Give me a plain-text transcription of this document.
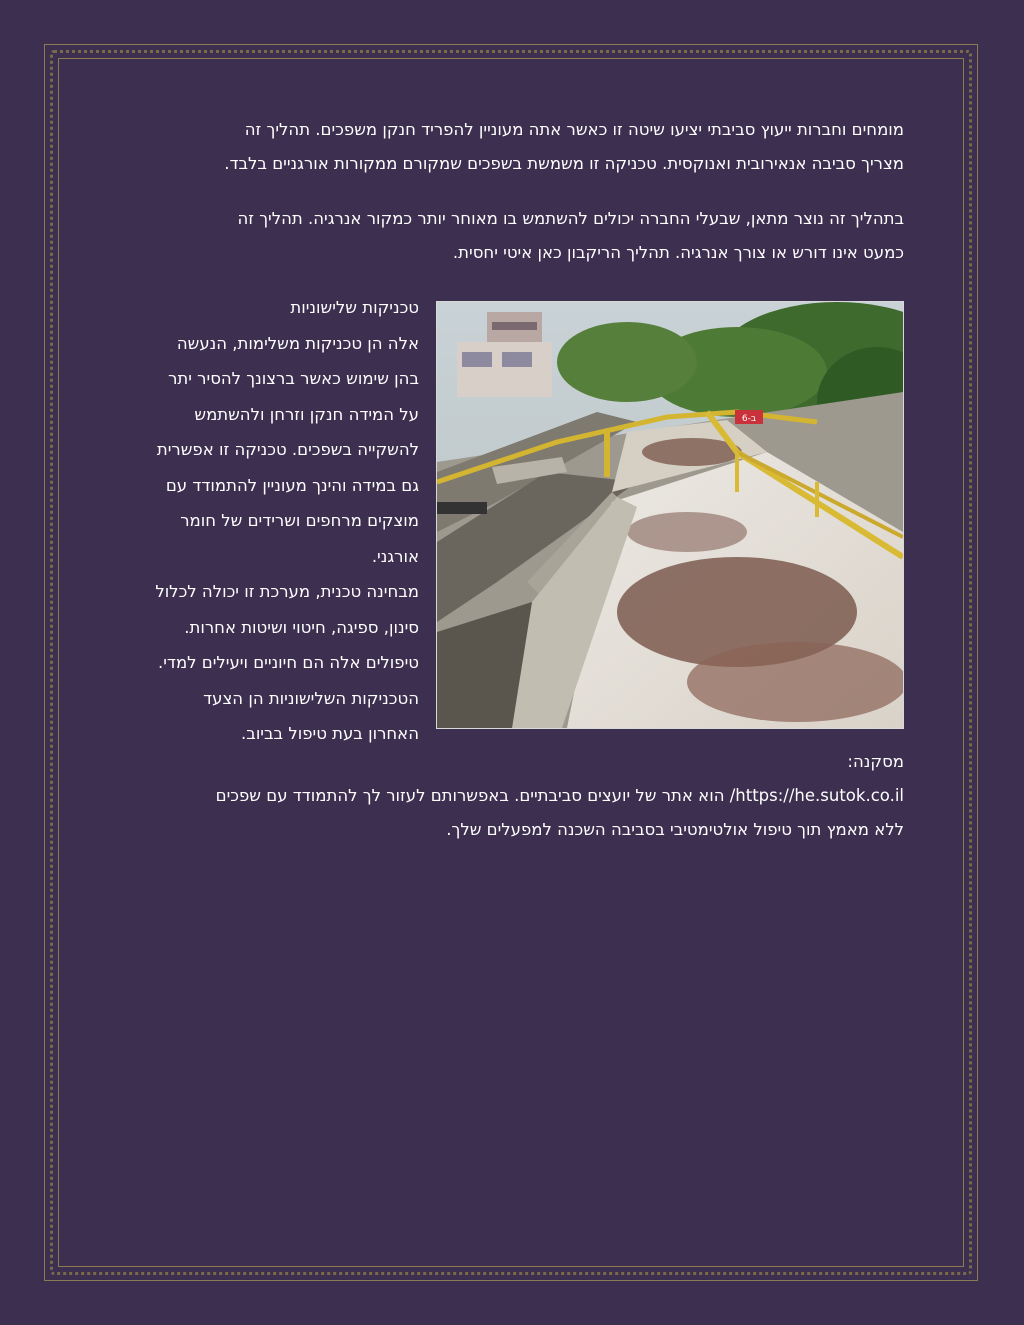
מומחים וחברות ייעוץ סביבתי יציעו שיטה זו כאשר אתה מעוניין להפריד חנקן משפכים. תהליך זה
מצריך סביבה אנאירובית ואנוקסית. טכניקה זו משמשת בשפכים שמקורם ממקורות אורגניים בלבד.
בתהליך זה נוצר מתאן, שבעלי החברה יכולים להשתמש בו מאוחר יותר כמקור אנרגיה. תהליך זה
כמעט אינו דורש או צורך אנרגיה. תהליך הריקבון כאן איטי יחסית.
טכניקות שלישוניות
אלה הן טכניקות משלימות, הנעשה
בהן שימוש כאשר ברצונך להסיר יתר
על המידה חנקן וזרחן ולהשתמש
להשקייה בשפכים. טכניקה זו אפשרית
גם במידה והינך מעוניין להתמודד עם
מוצקים מרחפים ושרידים של חומר
אורגני.
מבחינה טכנית, מערכת זו יכולה לכלול
סינון, ספיגה, חיטוי ושיטות אחרות.
טיפולים אלה הם חיוניים ויעילים למדי.
הטכניקות השלישוניות הן הצעד
האחרון בעת טיפול בביוב.
ב-6
מסקנה:
https://he.sutok.co.il/ הוא אתר של יועצים סביבתיים. באפשרותם לעזור לך להתמודד עם שפכים
ללא מאמץ תוך טיפול אולטימטיבי בסביבה השכנה למפעלים שלך.
